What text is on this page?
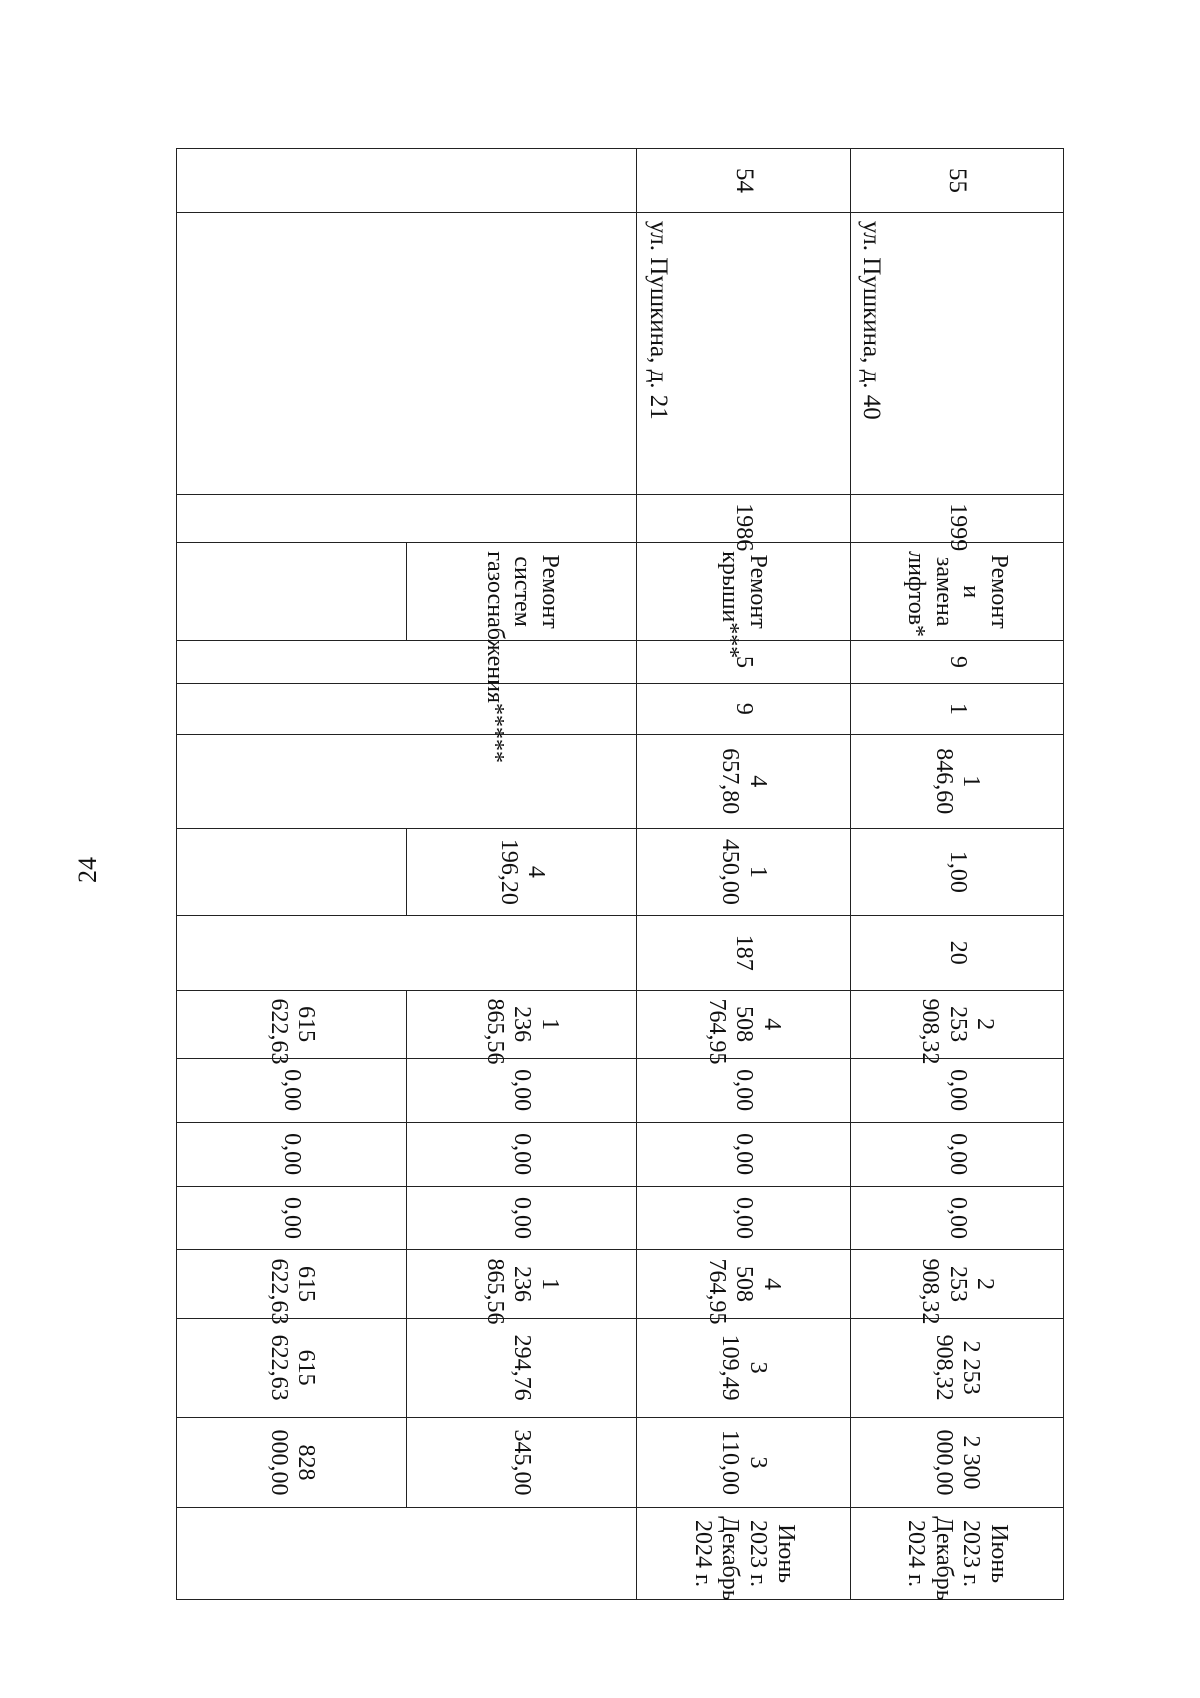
24
55	ул. Пушкина, д. 40	1999	Ремонт и замена лифтов*	9	1	1 846,60	1,00	20	2 253 908,32	0,00	0,00	0,00	2 253 908,32	2 253 908,32	2 300 000,00	Июнь 2023 г. Декабрь 2024 г.
54	ул. Пушкина, д. 21	1986	Ремонт крыши***	5	9	4 657,80	1 450,00	187	4 508 764,95	0,00	0,00	0,00	4 508 764,95	3 109,49	3 110,00	Июнь 2023 г. Декабрь 2024 г.
			Ремонт систем газоснабжения*****				4 196,20		1 236 865,56	0,00	0,00	0,00	1 236 865,56	294,76	345,00	
									615 622,63	0,00	0,00	0,00	615 622,63	615 622,63	828 000,00	
